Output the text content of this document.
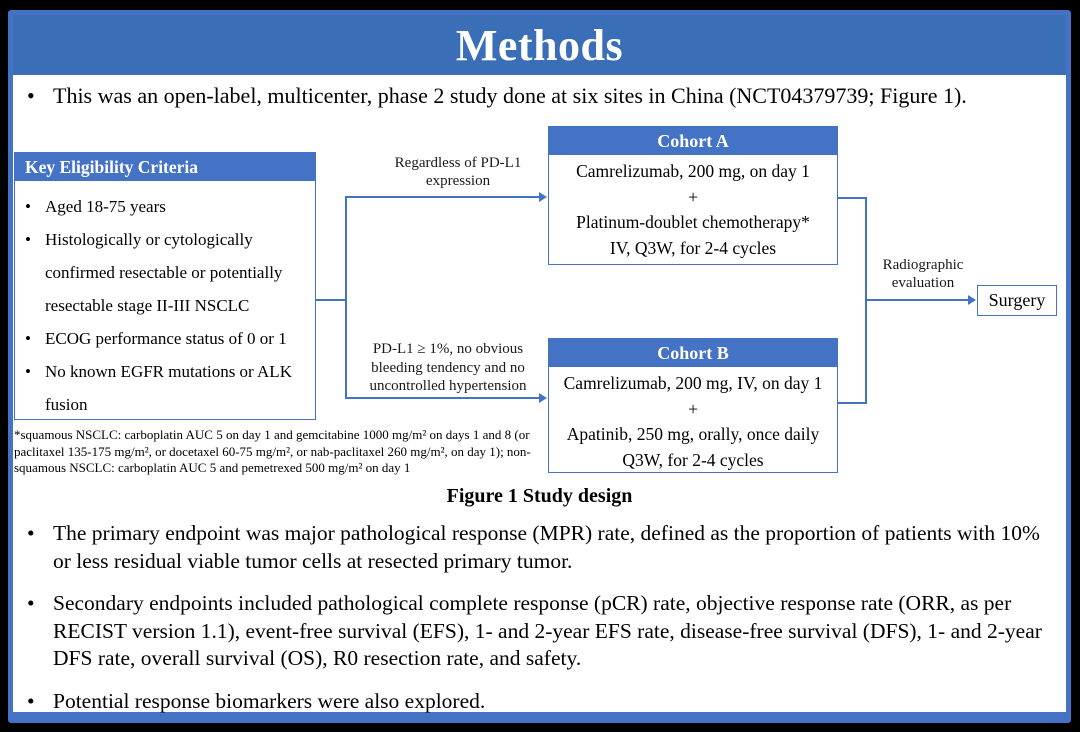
Methods
• This was an open-label, multicenter, phase 2 study done at six sites in China (NCT04379739; Figure 1).
Key Eligibility Criteria
• Aged 18-75 years
• Histologically or cytologically confirmed resectable or potentially resectable stage II-III NSCLC
• ECOG performance status of 0 or 1
• No known EGFR mutations or ALK fusion
Cohort A
Camrelizumab, 200 mg, on day 1
+
Platinum-doublet chemotherapy*
IV, Q3W, for 2-4 cycles
Cohort B
Camrelizumab, 200 mg, IV, on day 1
+
Apatinib, 250 mg, orally, once daily
Q3W, for 2-4 cycles
Surgery
Regardless of PD-L1 expression
PD-L1 ≥ 1%, no obvious bleeding tendency and no uncontrolled hypertension
Radiographic evaluation
*squamous NSCLC: carboplatin AUC 5 on day 1 and gemcitabine 1000 mg/m² on days 1 and 8 (or paclitaxel 135-175 mg/m², or docetaxel 60-75 mg/m², or nab-paclitaxel 260 mg/m², on day 1); non-squamous NSCLC: carboplatin AUC 5 and pemetrexed 500 mg/m² on day 1
Figure 1 Study design
• The primary endpoint was major pathological response (MPR) rate, defined as the proportion of patients with 10% or less residual viable tumor cells at resected primary tumor.
• Secondary endpoints included pathological complete response (pCR) rate, objective response rate (ORR, as per RECIST version 1.1), event-free survival (EFS), 1- and 2-year EFS rate, disease-free survival (DFS), 1- and 2-year DFS rate, overall survival (OS), R0 resection rate, and safety.
• Potential response biomarkers were also explored.
